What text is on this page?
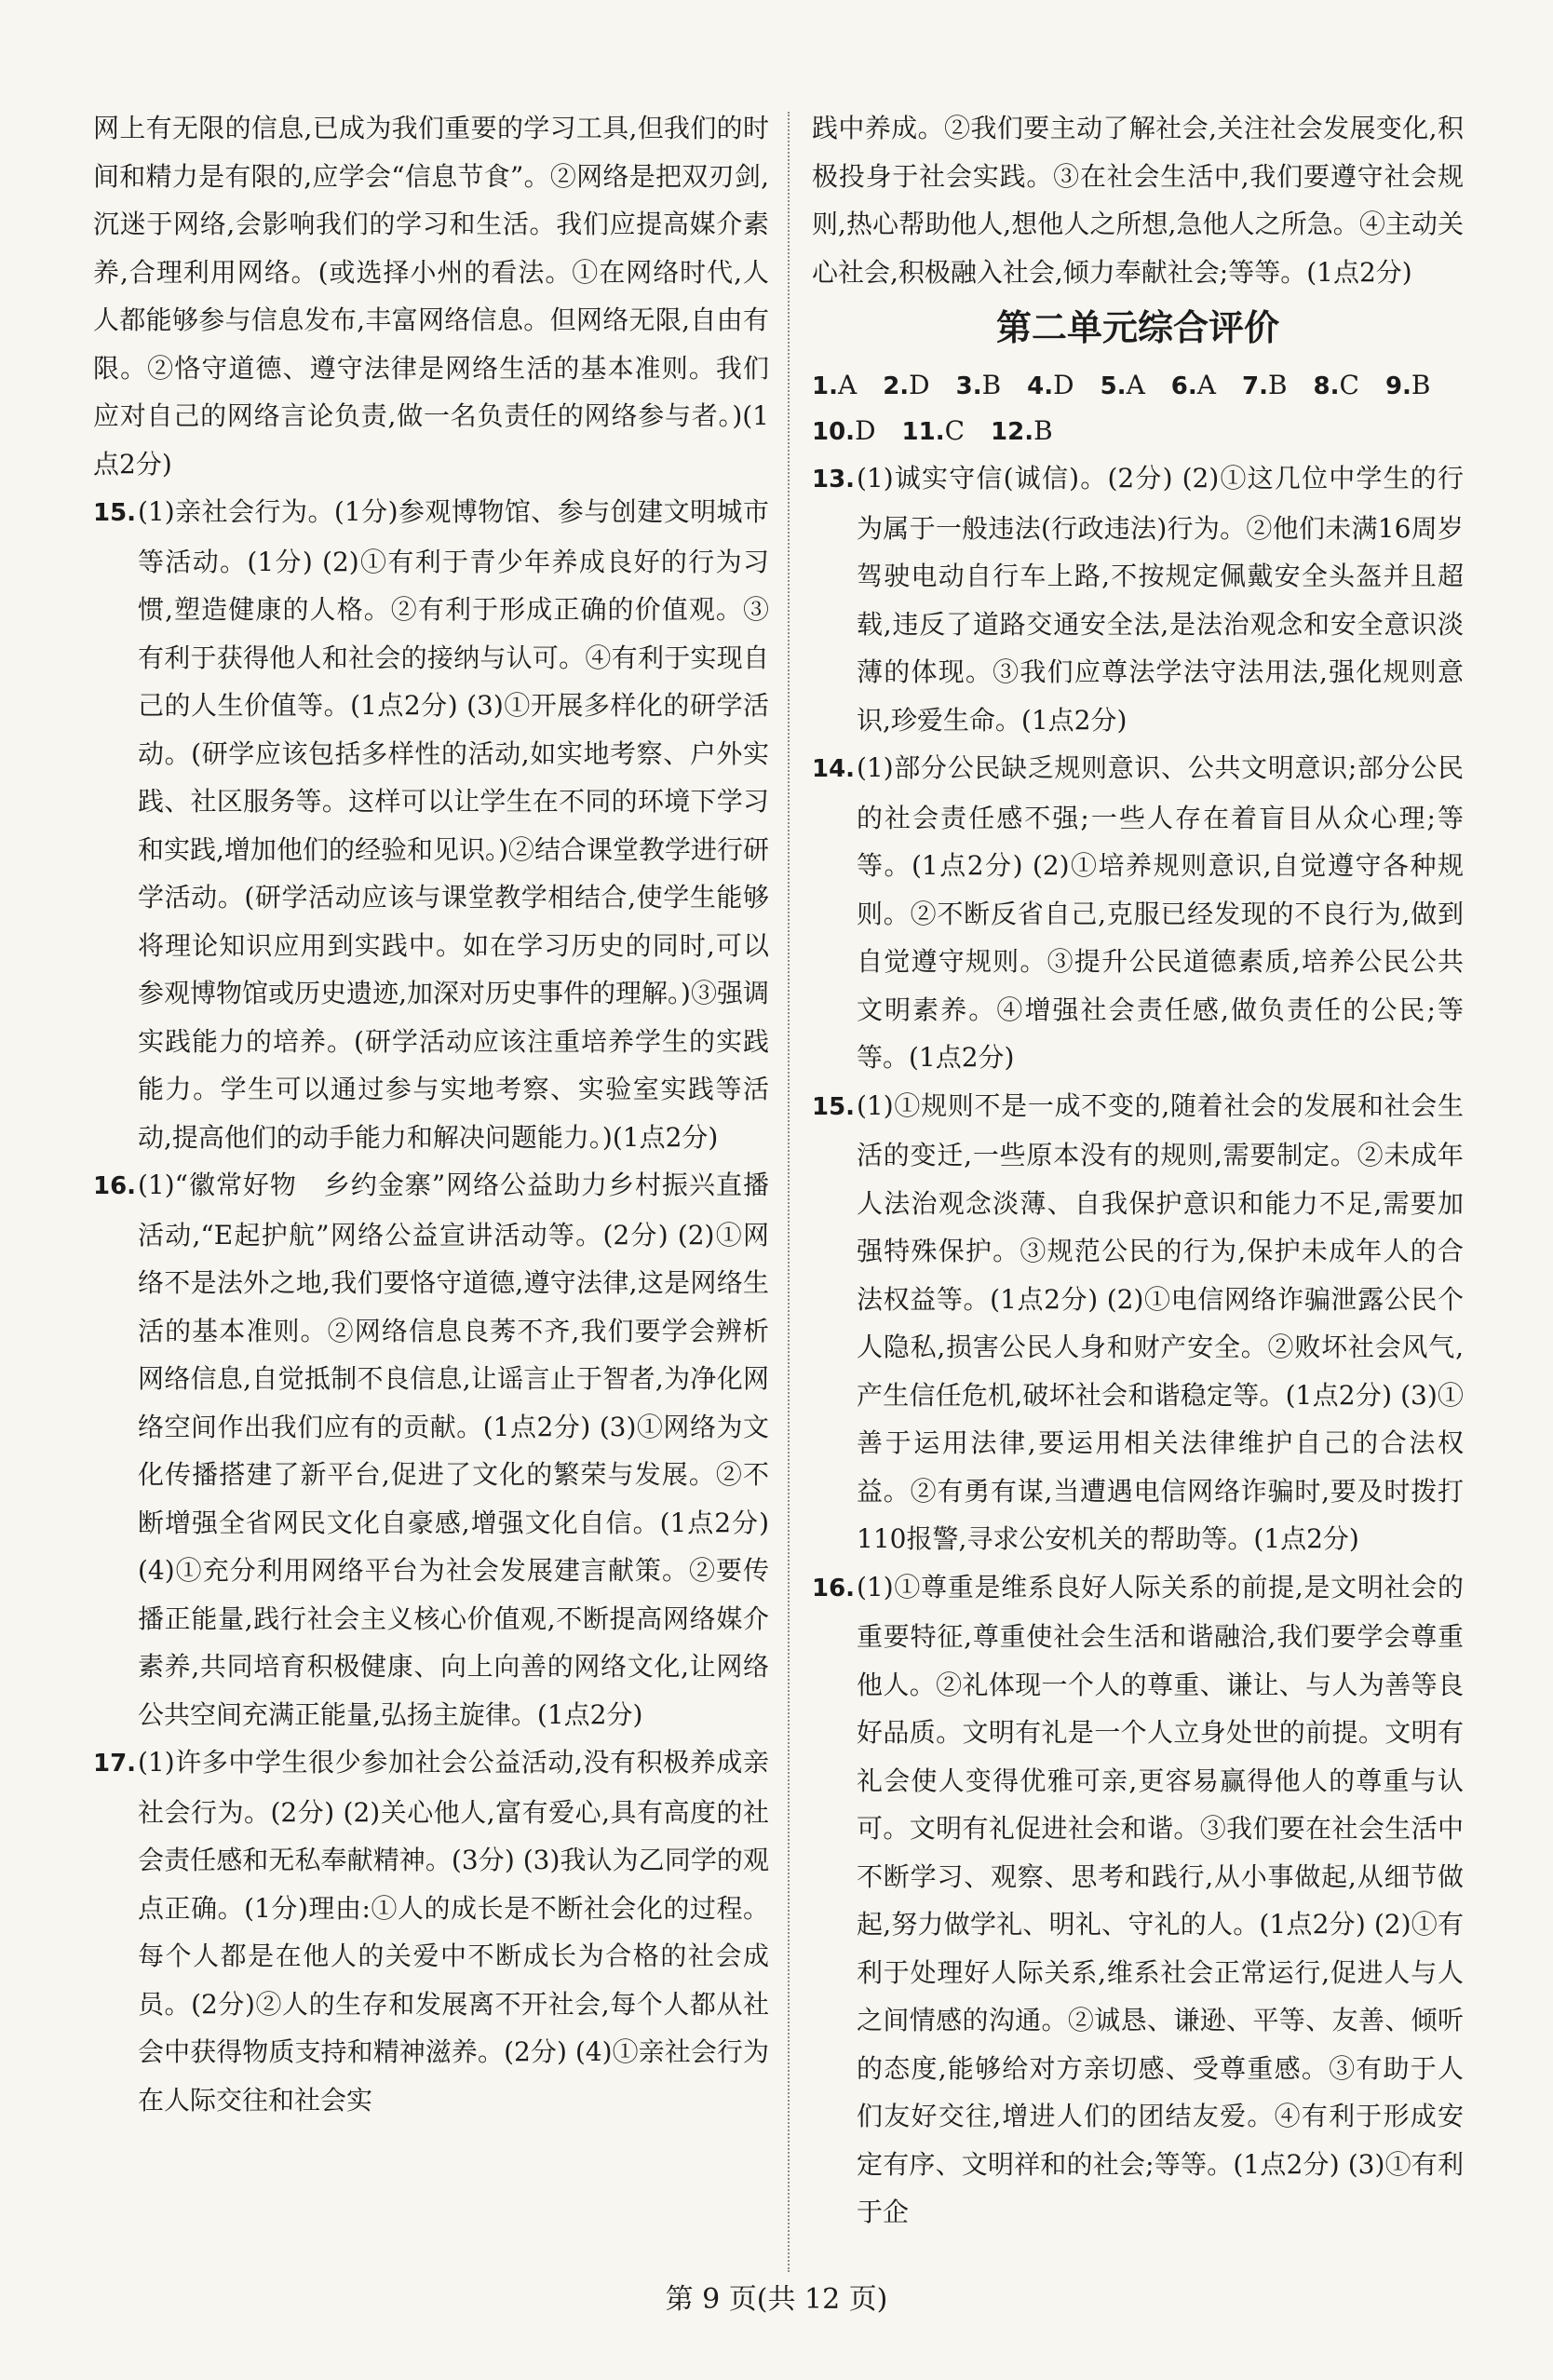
网上有无限的信息,已成为我们重要的学习工具,但我们的时间和精力是有限的,应学会“信息节食”。②网络是把双刃剑,沉迷于网络,会影响我们的学习和生活。我们应提高媒介素养,合理利用网络。(或选择小州的看法。①在网络时代,人人都能够参与信息发布,丰富网络信息。但网络无限,自由有限。②恪守道德、遵守法律是网络生活的基本准则。我们应对自己的网络言论负责,做一名负责任的网络参与者。)(1点2分)

15.(1)亲社会行为。(1分)参观博物馆、参与创建文明城市等活动。(1分) (2)①有利于青少年养成良好的行为习惯,塑造健康的人格。②有利于形成正确的价值观。③有利于获得他人和社会的接纳与认可。④有利于实现自己的人生价值等。(1点2分) (3)①开展多样化的研学活动。(研学应该包括多样性的活动,如实地考察、户外实践、社区服务等。这样可以让学生在不同的环境下学习和实践,增加他们的经验和见识。)②结合课堂教学进行研学活动。(研学活动应该与课堂教学相结合,使学生能够将理论知识应用到实践中。如在学习历史的同时,可以参观博物馆或历史遗迹,加深对历史事件的理解。)③强调实践能力的培养。(研学活动应该注重培养学生的实践能力。学生可以通过参与实地考察、实验室实践等活动,提高他们的动手能力和解决问题能力。)(1点2分)

16.(1)“徽常好物　乡约金寨”网络公益助力乡村振兴直播活动,“E起护航”网络公益宣讲活动等。(2分) (2)①网络不是法外之地,我们要恪守道德,遵守法律,这是网络生活的基本准则。②网络信息良莠不齐,我们要学会辨析网络信息,自觉抵制不良信息,让谣言止于智者,为净化网络空间作出我们应有的贡献。(1点2分) (3)①网络为文化传播搭建了新平台,促进了文化的繁荣与发展。②不断增强全省网民文化自豪感,增强文化自信。(1点2分) (4)①充分利用网络平台为社会发展建言献策。②要传播正能量,践行社会主义核心价值观,不断提高网络媒介素养,共同培育积极健康、向上向善的网络文化,让网络公共空间充满正能量,弘扬主旋律。(1点2分)

17.(1)许多中学生很少参加社会公益活动,没有积极养成亲社会行为。(2分) (2)关心他人,富有爱心,具有高度的社会责任感和无私奉献精神。(3分) (3)我认为乙同学的观点正确。(1分)理由:①人的成长是不断社会化的过程。每个人都是在他人的关爱中不断成长为合格的社会成员。(2分)②人的生存和发展离不开社会,每个人都从社会中获得物质支持和精神滋养。(2分) (4)①亲社会行为在人际交往和社会实

践中养成。②我们要主动了解社会,关注社会发展变化,积极投身于社会实践。③在社会生活中,我们要遵守社会规则,热心帮助他人,想他人之所想,急他人之所急。④主动关心社会,积极融入社会,倾力奉献社会;等等。(1点2分)

第二单元综合评价

1.A 2.D 3.B 4.D 5.A 6.A 7.B 8.C 9.B

10.D 11.C 12.B

13.(1)诚实守信(诚信)。(2分) (2)①这几位中学生的行为属于一般违法(行政违法)行为。②他们未满16周岁驾驶电动自行车上路,不按规定佩戴安全头盔并且超载,违反了道路交通安全法,是法治观念和安全意识淡薄的体现。③我们应尊法学法守法用法,强化规则意识,珍爱生命。(1点2分)

14.(1)部分公民缺乏规则意识、公共文明意识;部分公民的社会责任感不强;一些人存在着盲目从众心理;等等。(1点2分) (2)①培养规则意识,自觉遵守各种规则。②不断反省自己,克服已经发现的不良行为,做到自觉遵守规则。③提升公民道德素质,培养公民公共文明素养。④增强社会责任感,做负责任的公民;等等。(1点2分)

15.(1)①规则不是一成不变的,随着社会的发展和社会生活的变迁,一些原本没有的规则,需要制定。②未成年人法治观念淡薄、自我保护意识和能力不足,需要加强特殊保护。③规范公民的行为,保护未成年人的合法权益等。(1点2分) (2)①电信网络诈骗泄露公民个人隐私,损害公民人身和财产安全。②败坏社会风气,产生信任危机,破坏社会和谐稳定等。(1点2分) (3)①善于运用法律,要运用相关法律维护自己的合法权益。②有勇有谋,当遭遇电信网络诈骗时,要及时拨打110报警,寻求公安机关的帮助等。(1点2分)

16.(1)①尊重是维系良好人际关系的前提,是文明社会的重要特征,尊重使社会生活和谐融洽,我们要学会尊重他人。②礼体现一个人的尊重、谦让、与人为善等良好品质。文明有礼是一个人立身处世的前提。文明有礼会使人变得优雅可亲,更容易赢得他人的尊重与认可。文明有礼促进社会和谐。③我们要在社会生活中不断学习、观察、思考和践行,从小事做起,从细节做起,努力做学礼、明礼、守礼的人。(1点2分) (2)①有利于处理好人际关系,维系社会正常运行,促进人与人之间情感的沟通。②诚恳、谦逊、平等、友善、倾听的态度,能够给对方亲切感、受尊重感。③有助于人们友好交往,增进人们的团结友爱。④有利于形成安定有序、文明祥和的社会;等等。(1点2分) (3)①有利于企

第 9 页(共 12 页)
